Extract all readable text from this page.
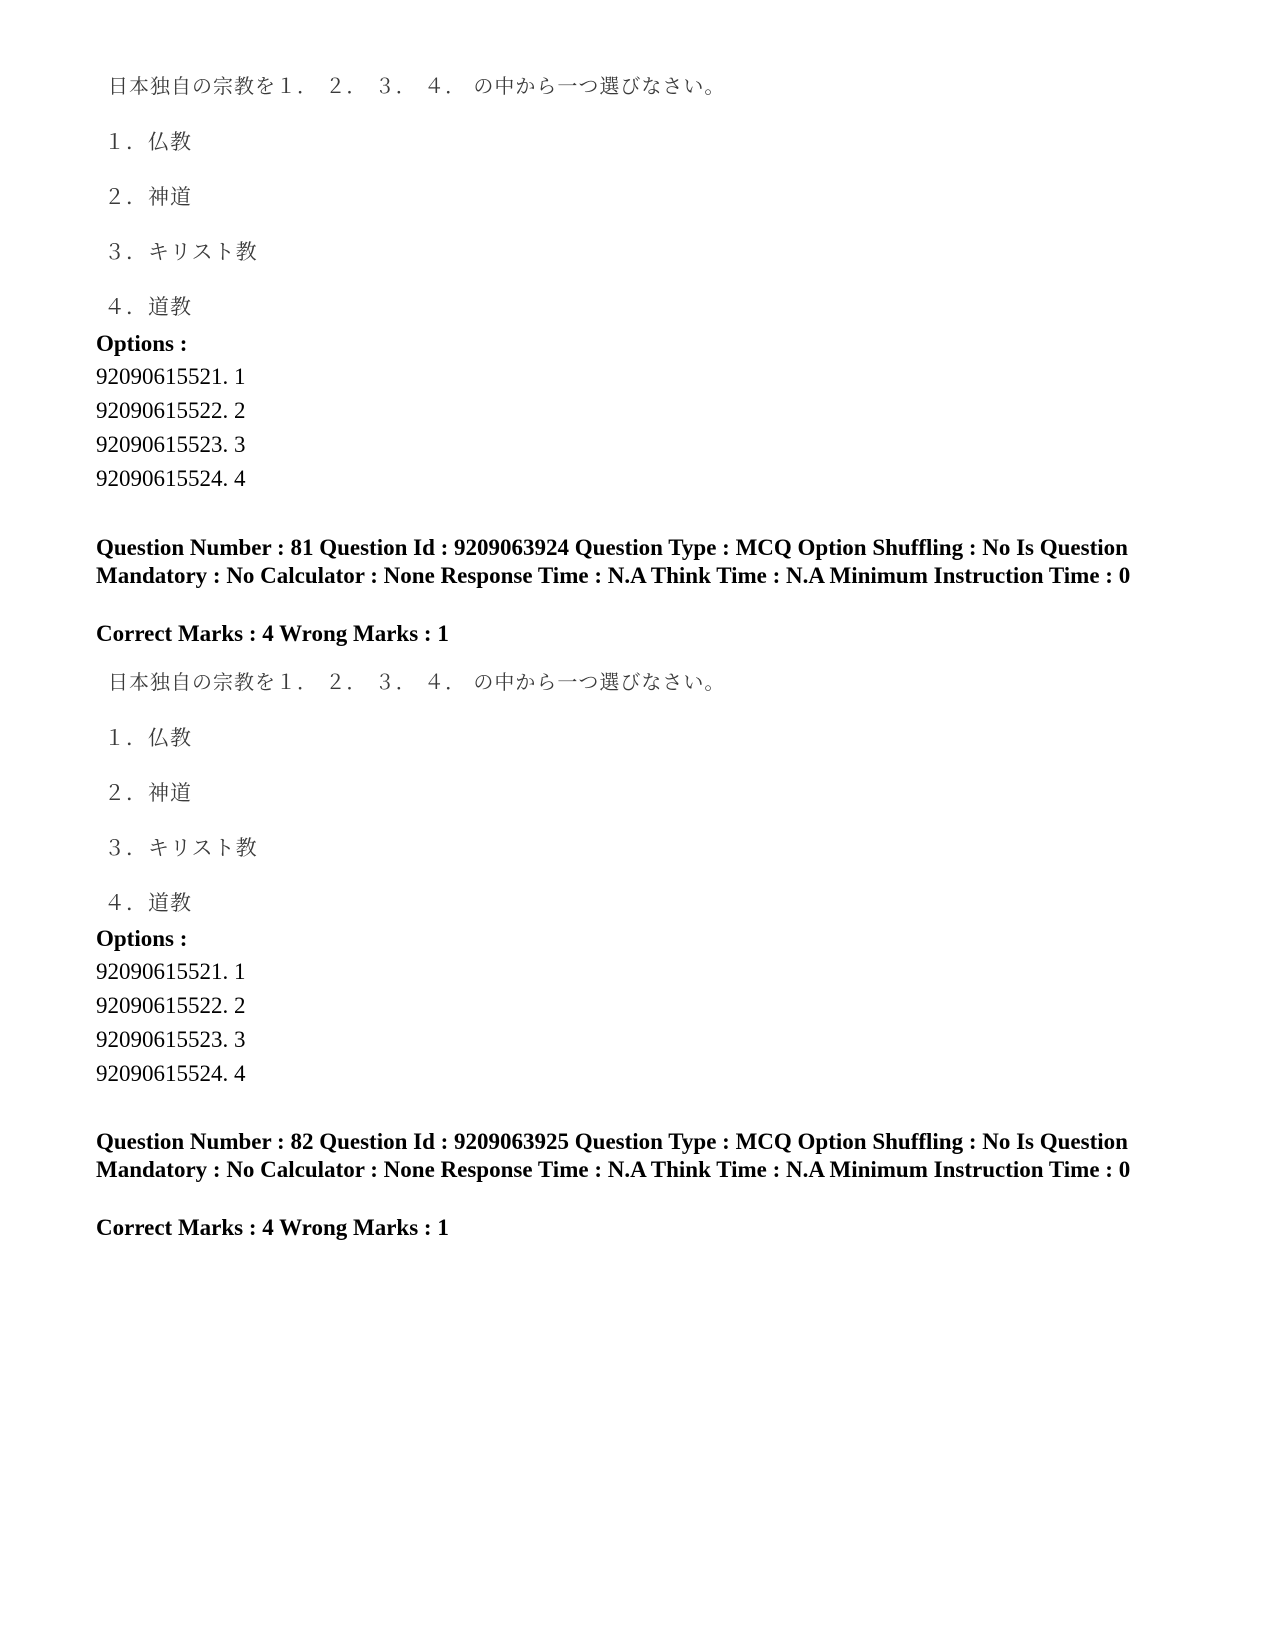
日本独自の宗教を１． ２． ３． ４． の中から一つ選びなさい。
１．仏教
２．神道
３．キリスト教
４．道教
Options :
92090615521. 1
92090615522. 2
92090615523. 3
92090615524. 4
Question Number : 81 Question Id : 9209063924 Question Type : MCQ Option Shuffling : No Is Question Mandatory : No Calculator : None Response Time : N.A Think Time : N.A Minimum Instruction Time : 0
Correct Marks : 4 Wrong Marks : 1
日本独自の宗教を１． ２． ３． ４． の中から一つ選びなさい。
１．仏教
２．神道
３．キリスト教
４．道教
Options :
92090615521. 1
92090615522. 2
92090615523. 3
92090615524. 4
Question Number : 82 Question Id : 9209063925 Question Type : MCQ Option Shuffling : No Is Question Mandatory : No Calculator : None Response Time : N.A Think Time : N.A Minimum Instruction Time : 0
Correct Marks : 4 Wrong Marks : 1
